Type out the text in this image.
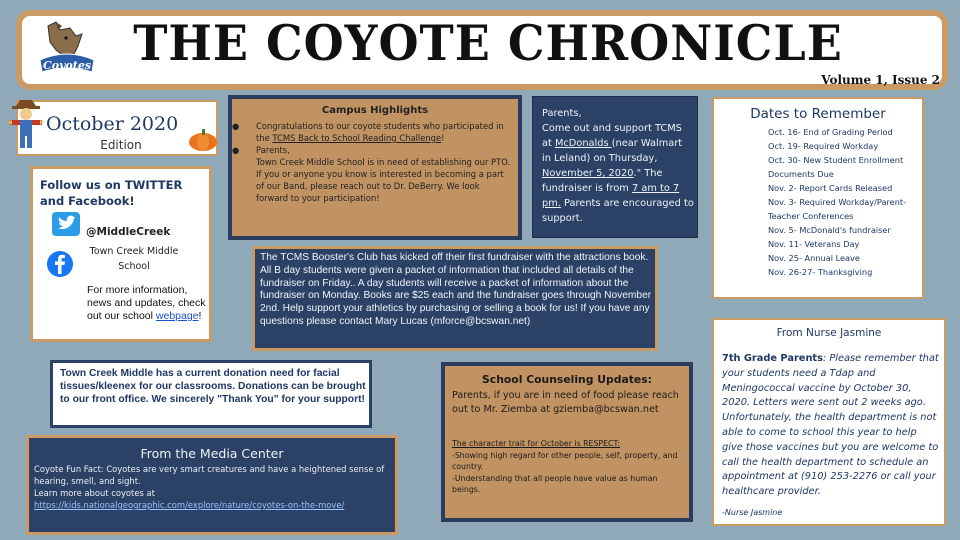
Coyotes THE COYOTE CHRONICLE
Volume 1, Issue 2
October 2020
Edition
Follow us on TWITTER and Facebook!
@MiddleCreek
Town Creek Middle School
For more information, news and updates, check out our school webpage!
Campus Highlights
● Congratulations to our coyote students who participated in the TCMS Back to School Reading Challenge!
● Parents,
Town Creek Middle School is in need of establishing our PTO. If you or anyone you know is interested in becoming a part of our Band, please reach out to Dr. DeBerry. We look forward to your participation!
Parents,
Come out and support TCMS at McDonalds (near Walmart in Leland) on Thursday, November 5, 2020." The fundraiser is from 7 am to 7 pm. Parents are encouraged to support.
Dates to Remember
Oct. 16- End of Grading Period
Oct. 19- Required Workday
Oct. 30- New Student Enrollment Documents Due
Nov. 2- Report Cards Released
Nov. 3- Required Workday/Parent-Teacher Conferences
Nov. 5- McDonald's fundraiser
Nov. 11- Veterans Day
Nov. 25- Annual Leave
Nov. 26-27- Thanksgiving
The TCMS Booster's Club has kicked off their first fundraiser with the attractions book. All B day students were given a packet of information that included all details of the fundraiser on Friday.. A day students will receive a packet of information about the fundraiser on Monday. Books are $25 each and the fundraiser goes through November 2nd. Help support your athletics by purchasing or selling a book for us! If you have any questions please contact Mary Lucas (mforce@bcswan.net)
Town Creek Middle has a current donation need for facial tissues/kleenex for our classrooms. Donations can be brought to our front office. We sincerely "Thank You" for your support!
From the Media Center
Coyote Fun Fact: Coyotes are very smart creatures and have a heightened sense of hearing, smell, and sight.
Learn more about coyotes at
https://kids.nationalgeographic.com/explore/nature/coyotes-on-the-move/
School Counseling Updates:
Parents, if you are in need of food please reach out to Mr. Ziemba at gziemba@bcswan.net
The character trait for October is RESPECT:
-Showing high regard for other people, self, property, and country.
-Understanding that all people have value as human beings.
From Nurse Jasmine
7th Grade Parents: Please remember that your students need a Tdap and Meningococcal vaccine by October 30, 2020. Letters were sent out 2 weeks ago. Unfortunately, the health department is not able to come to school this year to help give those vaccines but you are welcome to call the health department to schedule an appointment at (910) 253-2276 or call your healthcare provider.
-Nurse Jasmine
